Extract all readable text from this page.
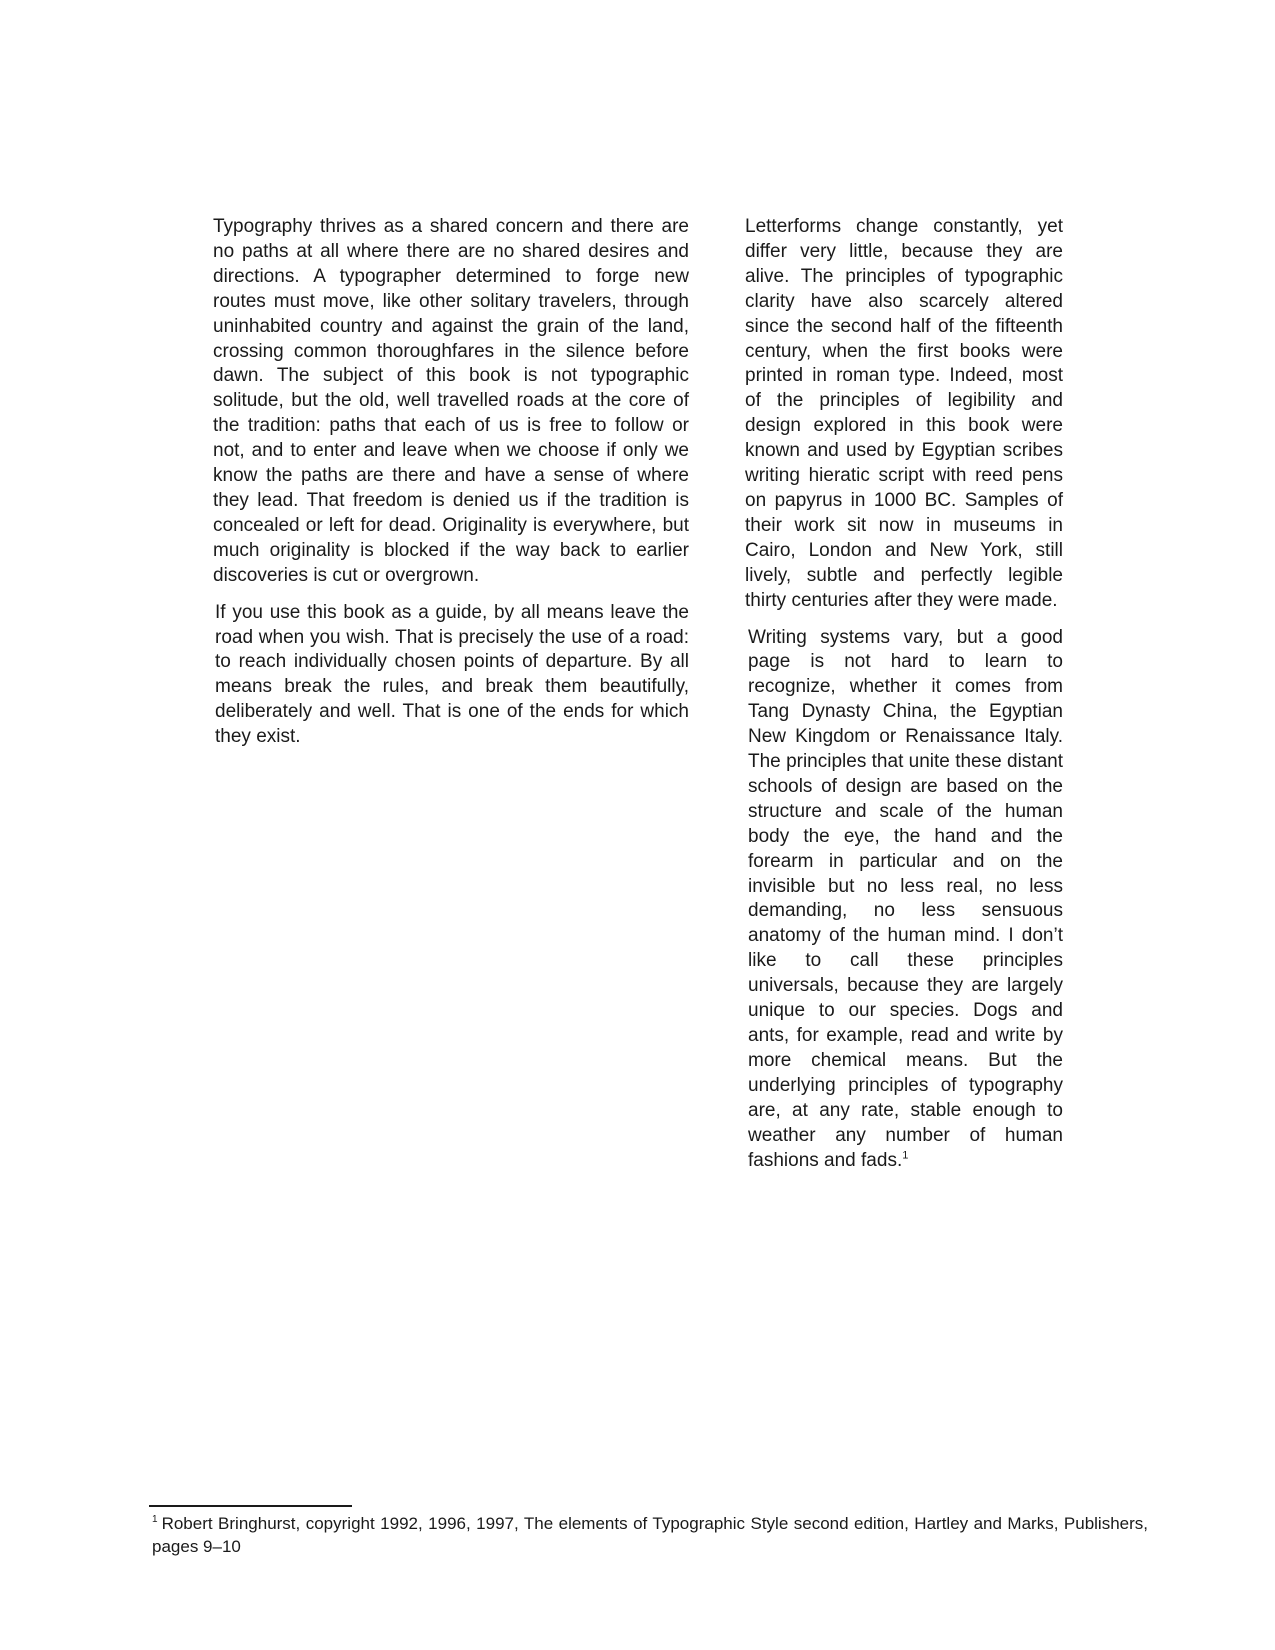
Typography thrives as a shared concern and there are no paths at all where there are no shared desires and directions. A typographer determined to forge new routes must move, like other solitary travelers, through uninhabited country and against the grain of the land, crossing common thoroughfares in the silence before dawn. The subject of this book is not typographic solitude, but the old, well travelled roads at the core of the tradition: paths that each of us is free to follow or not, and to enter and leave when we choose if only we know the paths are there and have a sense of where they lead. That freedom is denied us if the tradition is concealed or left for dead. Originality is everywhere, but much originality is blocked if the way back to earlier discoveries is cut or overgrown.

If you use this book as a guide, by all means leave the road when you wish. That is precisely the use of a road: to reach individually chosen points of departure. By all means break the rules, and break them beautifully, deliberately and well. That is one of the ends for which they exist.

Letterforms change constantly, yet differ very little, because they are alive. The principles of typographic clarity have also scarcely altered since the second half of the fifteenth century, when the first books were printed in roman type. Indeed, most of the principles of legibility and design explored in this book were known and used by Egyptian scribes writing hieratic script with reed pens on papyrus in 1000 BC. Samples of their work sit now in museums in Cairo, London and New York, still lively, subtle and perfectly legible thirty centuries after they were made.

Writing systems vary, but a good page is not hard to learn to recognize, whether it comes from Tang Dynasty China, the Egyptian New Kingdom or Renaissance Italy. The principles that unite these distant schools of design are based on the structure and scale of the human body the eye, the hand and the forearm in particular and on the invisible but no less real, no less demanding, no less sensuous anatomy of the human mind. I don’t like to call these principles universals, because they are largely unique to our species. Dogs and ants, for example, read and write by more chemical means. But the underlying principles of typography are, at any rate, stable enough to weather any number of human fashions and fads.$^1$

$^1$ Robert Bringhurst, copyright 1992, 1996, 1997, The elements of Typographic Style second edition, Hartley and Marks, Publishers, pages 9–10
